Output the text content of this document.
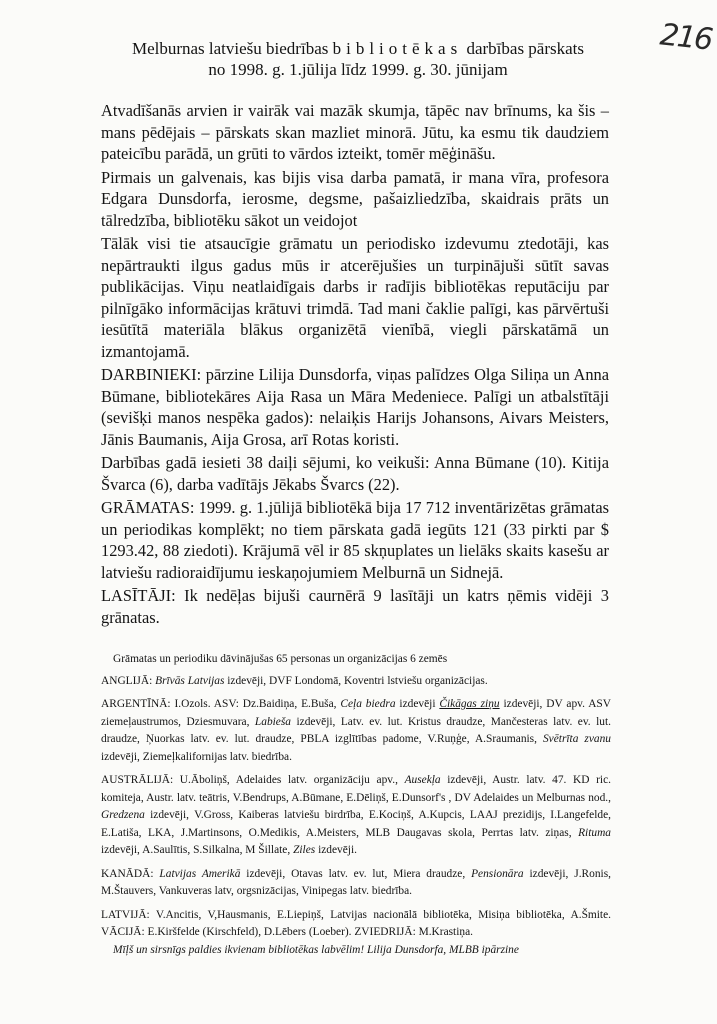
216
Melburnas latviešu biedrības bibliotēkas darbības pārskats
no 1998. g. 1.jūlija līdz 1999. g. 30. jūnijam

Atvadīšanās arvien ir vairāk vai mazāk skumja, tāpēc nav brīnums, ka šis – mans pēdējais – pārskats skan mazliet minorā. Jūtu, ka esmu tik daudziem pateicību parādā, un grūti to vārdos izteikt, tomēr mēģināšu.

Pirmais un galvenais, kas bijis visa darba pamatā, ir mana vīra, profesora Edgara Dunsdorfa, ierosme, degsme, pašaizliedzība, skaidrais prāts un tālredzība, bibliotēku sākot un veidojot

Tālāk visi tie atsaucīgie grāmatu un periodisko izdevumu ztedotāji, kas nepārtraukti ilgus gadus mūs ir atcerējušies un turpinājuši sūtīt savas publikācijas. Viņu neatlaidīgais darbs ir radījis bibliotēkas reputāciju par pilnīgāko informācijas krātuvi trimdā. Tad mani čaklie palīgi, kas pārvērtuši iesūtītā materiāla blākus organizētā vienībā, viegli pārskatāmā un izmantojamā.

DARBINIEKI: pārzine Lilija Dunsdorfa, viņas palīdzes Olga Siliņa un Anna Būmane, bibliotekāres Aija Rasa un Māra Medeniece. Palīgi un atbalstītāji (sevišķi manos nespēka gados): nelaiķis Harijs Johansons, Aivars Meisters, Jānis Baumanis, Aija Grosa, arī Rotas koristi.

Darbības gadā iesieti 38 daiļi sējumi, ko veikuši: Anna Būmane (10). Kitija Švarca (6), darba vadītājs Jēkabs Švarcs (22).

GRĀMATAS: 1999. g. 1.jūlijā bibliotēkā bija 17 712 inventārizētas grāmatas un periodikas komplēkt; no tiem pārskata gadā iegūts 121 (33 pirkti par $ 1293.42, 88 ziedoti). Krājumā vēl ir 85 skņuplates un lielāks skaits kasešu ar latviešu radioraidījumu ieskaņojumiem Melburnā un Sidnejā.

LASĪTĀJI: Ik nedēļas bijuši caurnērā 9 lasītāji un katrs ņēmis vidēji 3 grānatas.

Grāmatas un periodiku dāvinājušas 65 personas un organizācijas 6 zemēs

ANGLIJĀ: Brīvās Latvijas izdevēji, DVF Londomā, Koventri lstviešu organizācijas.

ARGENTĪNĀ: I.Ozols. ASV: Dz.Baidiņa, E.Buša, Ceļa biedra izdevēji Čikāgas ziņu izdevēji, DV apv. ASV ziemeļaustrumos, Dziesmuvara, Labieša izdevēji, Latv. ev. lut. Kristus draudze, Mančesteras latv. ev. lut. draudze, Ņuorkas latv. ev. lut. draudze, PBLA izglītības padome, V.Ruņģe, A.Sraumanis, Svētrīta zvanu izdevēji, Ziemeļkalifornijas latv. biedrība.

AUSTRĀLIJĀ: U.Āboliņš, Adelaides latv. organizāciju apv., Ausekļa izdevēji, Austr. latv. 47. KD ric. komiteja, Austr. latv. teātris, V.Bendrups, A.Būmane, E.Dēliņš, E.Dunsorf's , DV Adelaides un Melburnas nod., Gredzena izdevēji, V.Gross, Kaiberas latviešu birdrība, E.Kociņš, A.Kupcis, LAAJ prezidijs, I.Langefelde, E.Latiša, LKA, J.Martinsons, O.Medikis, A.Meisters, MLB Daugavas skola, Perrtas latv. ziņas, Rituma izdevēji, A.Saulītis, S.Silkalna, M Šillate, Ziles izdevēji.

KANĀDĀ: Latvijas Amerikā izdevēji, Otavas latv. ev. lut, Miera draudze, Pensionāra izdevēji, J.Ronis, M.Štauvers, Vankuveras latv, orgsnizācijas, Vinipegas latv. biedrība.

LATVIJĀ: V.Ancitis, V,Hausmanis, E.Liepiņš, Latvijas nacionālā bibliotēka, Misiņa bibliotēka, A.Šmite. VĀCIJĀ: E.Kiršfelde (Kirschfeld), D.Lēbers (Loeber). ZVIEDRIJĀ: M.Krastiņa.

Mīļš un sirsnīgs paldies ikvienam bibliotēkas labvēlim! Lilija Dunsdorfa, MLBB ipārzine
